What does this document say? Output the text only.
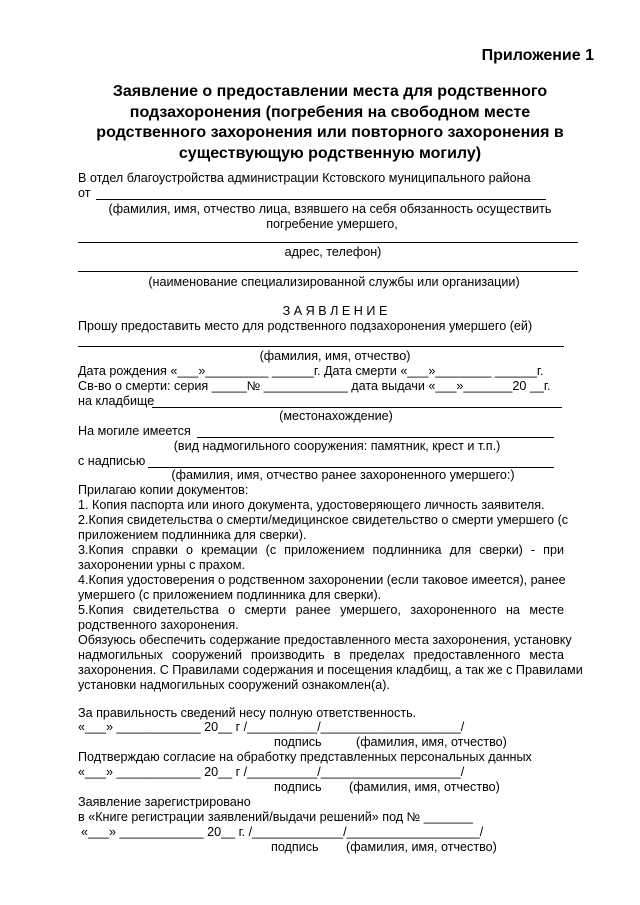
Приложение 1
Заявление о предоставлении места для родственного подзахоронения (погребения на свободном месте родственного захоронения или повторного захоронения в существующую родственную могилу)
В отдел благоустройства администрации Кстовского муниципального района
от
(фамилия, имя, отчество лица, взявшего на себя обязанность осуществить
погребение умершего,
адрес, телефон)
(наименование специализированной службы или организации)
З А Я В Л Е Н И Е
Прошу предоставить место для родственного подзахоронения умершего (ей)
(фамилия, имя, отчество)
Дата рождения «___»_________ ______г. Дата смерти «___»________ ______г.
Св-во о смерти: серия _____№ ____________ дата выдачи «___»_______20 __г.
на кладбище
(местонахождение)
На могиле имеется
(вид надмогильного сооружения: памятник, крест и т.п.)
с надписью
(фамилия, имя, отчество ранее захороненного умершего:)
Прилагаю копии документов:
1. Копия паспорта или иного документа, удостоверяющего личность заявителя.
2.Копия свидетельства о смерти/медицинское свидетельство о смерти умершего (с
приложением подлинника для сверки).
3.Копия справки о кремации (с приложением подлинника для сверки) - при
захоронении урны с прахом.
4.Копия удостоверения о родственном захоронении (если таковое имеется), ранее
умершего (с приложением подлинника для сверки).
5.Копия свидетельства о смерти ранее умершего, захороненного на месте
родственного захоронения.
Обязуюсь обеспечить содержание предоставленного места захоронения, установку
надмогильных сооружений производить в пределах предоставленного места
захоронения. С Правилами содержания и посещения кладбищ, а так же с Правилами
установки надмогильных сооружений ознакомлен(а).
За правильность сведений несу полную ответственность.
«___» ____________ 20__ г /__________/____________________/
подпись	(фамилия, имя, отчество)
Подтверждаю согласие на обработку представленных персональных данных
«___» ____________ 20__ г /__________/____________________/
подпись (фамилия, имя, отчество)
Заявление зарегистрировано
в «Книге регистрации заявлений/выдачи решений» под № _______
«___» ____________ 20__ г. /_____________/___________________/
подпись (фамилия, имя, отчество)
